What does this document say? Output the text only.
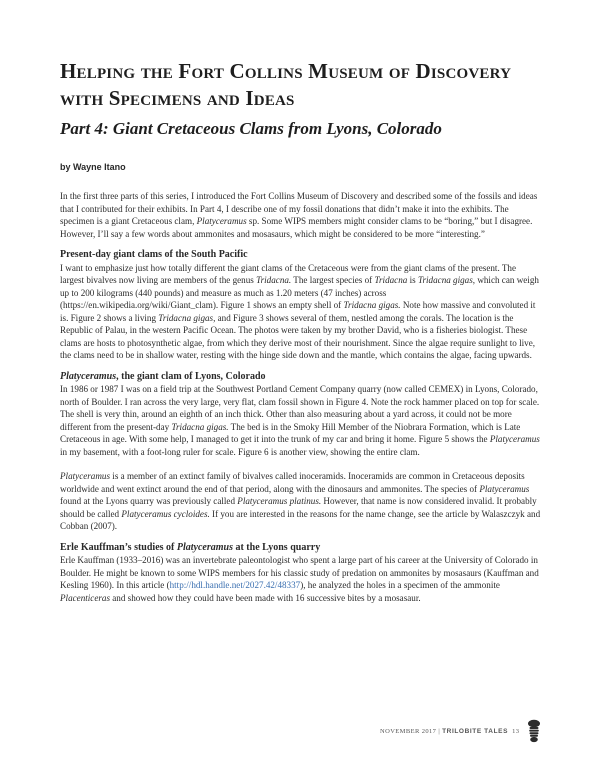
Helping the Fort Collins Museum of Discovery with Specimens and Ideas
Part 4: Giant Cretaceous Clams from Lyons, Colorado
by Wayne Itano

In the first three parts of this series, I introduced the Fort Collins Museum of Discovery and described some of the fossils and ideas that I contributed for their exhibits. In Part 4, I describe one of my fossil donations that didn’t make it into the exhibits. The specimen is a giant Cretaceous clam, Platyceramus sp. Some WIPS members might consider clams to be “boring,” but I disagree. However, I’ll say a few words about ammonites and mosasaurs, which might be considered to be more “interesting.”

Present-day giant clams of the South Pacific

I want to emphasize just how totally different the giant clams of the Cretaceous were from the giant clams of the present. The largest bivalves now living are members of the genus Tridacna. The largest species of Tridacna is Tridacna gigas, which can weigh up to 200 kilograms (440 pounds) and measure as much as 1.20 meters (47 inches) across (https://en.wikipedia.org/wiki/Giant_clam). Figure 1 shows an empty shell of Tridacna gigas. Note how massive and convoluted it is. Figure 2 shows a living Tridacna gigas, and Figure 3 shows several of them, nestled among the corals. The location is the Republic of Palau, in the western Pacific Ocean. The photos were taken by my brother David, who is a fisheries biologist. These clams are hosts to photosynthetic algae, from which they derive most of their nourishment. Since the algae require sunlight to live, the clams need to be in shallow water, resting with the hinge side down and the mantle, which contains the algae, facing upwards.

Platyceramus, the giant clam of Lyons, Colorado

In 1986 or 1987 I was on a field trip at the Southwest Portland Cement Company quarry (now called CEMEX) in Lyons, Colorado, north of Boulder. I ran across the very large, very flat, clam fossil shown in Figure 4. Note the rock hammer placed on top for scale. The shell is very thin, around an eighth of an inch thick. Other than also measuring about a yard across, it could not be more different from the present-day Tridacna gigas. The bed is in the Smoky Hill Member of the Niobrara Formation, which is Late Cretaceous in age. With some help, I managed to get it into the trunk of my car and bring it home. Figure 5 shows the Platyceramus in my basement, with a foot-long ruler for scale. Figure 6 is another view, showing the entire clam.

Platyceramus is a member of an extinct family of bivalves called inoceramids. Inoceramids are common in Cretaceous deposits worldwide and went extinct around the end of that period, along with the dinosaurs and ammonites. The species of Platyceramus found at the Lyons quarry was previously called Platyceramus platinus. However, that name is now considered invalid. It probably should be called Platyceramus cycloides. If you are interested in the reasons for the name change, see the article by Walaszczyk and Cobban (2007).

Erle Kauffman’s studies of Platyceramus at the Lyons quarry

Erle Kauffman (1933–2016) was an invertebrate paleontologist who spent a large part of his career at the University of Colorado in Boulder. He might be known to some WIPS members for his classic study of predation on ammonites by mosasaurs (Kauffman and Kesling 1960). In this article (http://hdl.handle.net/2027.42/48337), he analyzed the holes in a specimen of the ammonite Placenticeras and showed how they could have been made with 16 successive bites by a mosasaur.

NOVEMBER 2017 | TRILOBITE TALES 13
